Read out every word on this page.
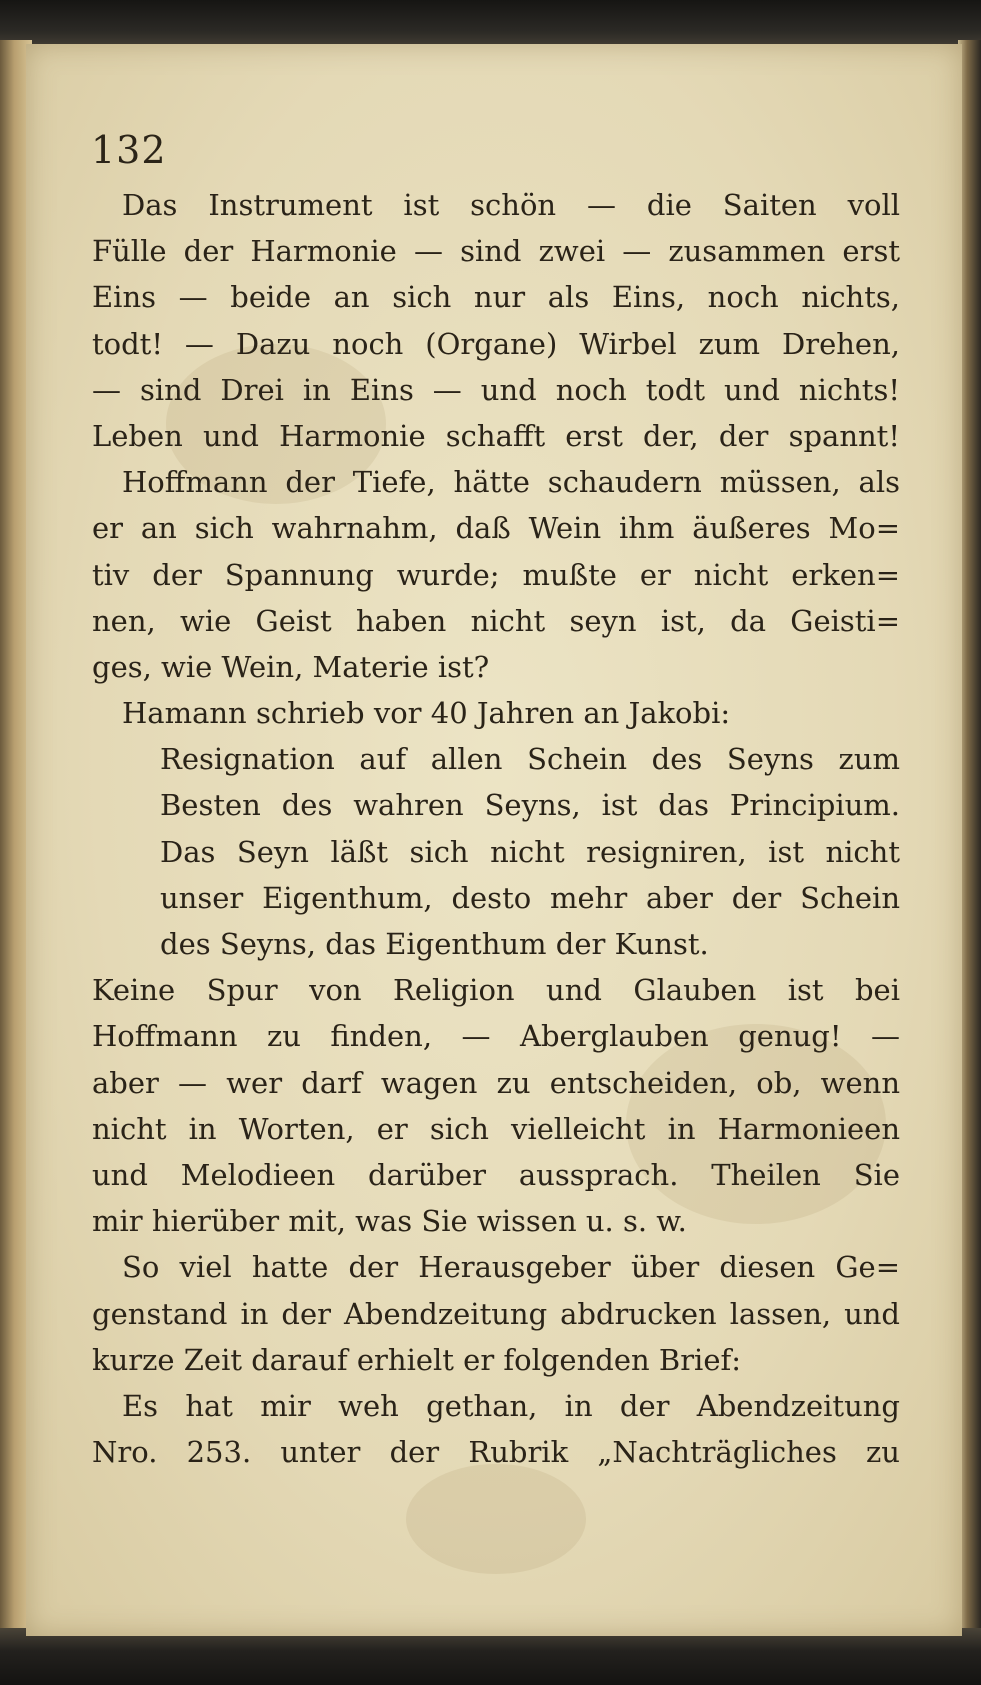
132
Das Instrument ist schön — die Saiten voll
Fülle der Harmonie — sind zwei — zusammen erst
Eins — beide an sich nur als Eins, noch nichts,
todt! — Dazu noch (Organe) Wirbel zum Drehen,
— sind Drei in Eins — und noch todt und nichts!
Leben und Harmonie schafft erst der, der spannt!
Hoffmann der Tiefe, hätte schaudern müssen, als
er an sich wahrnahm, daß Wein ihm äußeres Mo=
tiv der Spannung wurde; mußte er nicht erken=
nen, wie Geist haben nicht seyn ist, da Geisti=
ges, wie Wein, Materie ist?
Hamann schrieb vor 40 Jahren an Jakobi:
Resignation auf allen Schein des Seyns zum
Besten des wahren Seyns, ist das Principium.
Das Seyn läßt sich nicht resigniren, ist nicht
unser Eigenthum, desto mehr aber der Schein
des Seyns, das Eigenthum der Kunst.
Keine Spur von Religion und Glauben ist bei
Hoffmann zu finden, — Aberglauben genug! —
aber — wer darf wagen zu entscheiden, ob, wenn
nicht in Worten, er sich vielleicht in Harmonieen
und Melodieen darüber aussprach. Theilen Sie
mir hierüber mit, was Sie wissen u. s. w.
So viel hatte der Herausgeber über diesen Ge=
genstand in der Abendzeitung abdrucken lassen, und
kurze Zeit darauf erhielt er folgenden Brief:
Es hat mir weh gethan, in der Abendzeitung
Nro. 253. unter der Rubrik „Nachträgliches zu
